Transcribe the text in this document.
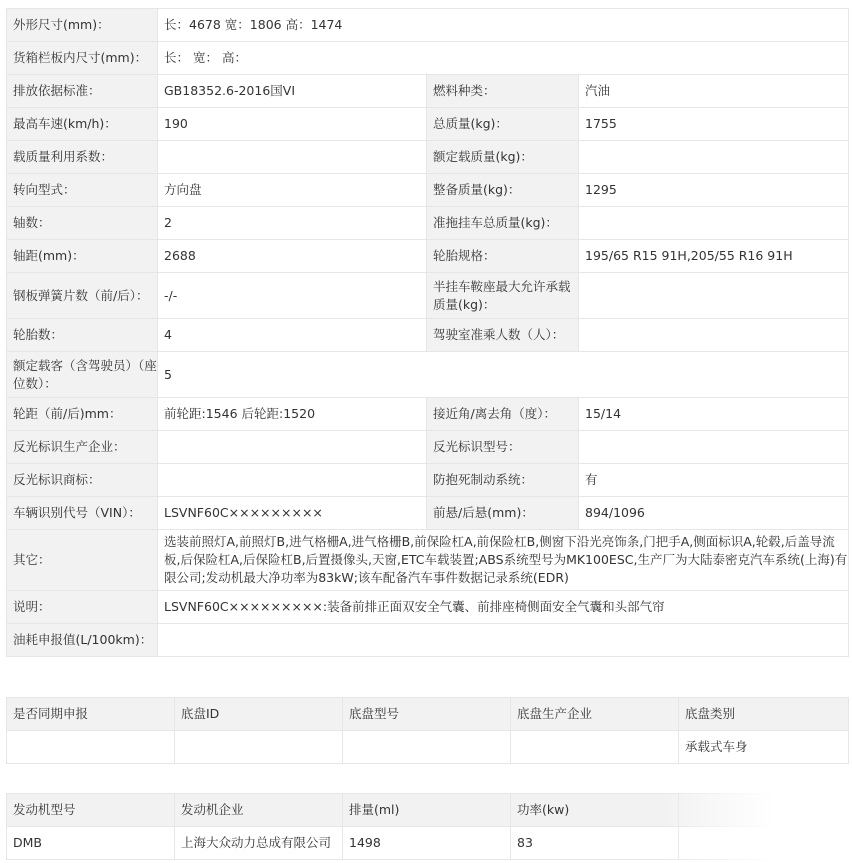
外形尺寸(mm)：	长：4678 宽：1806 高：1474		
货箱栏板内尺寸(mm)：	长： 宽： 高：		
排放依据标准：	GB18352.6-2016国VI	燃料种类：	汽油
最高车速(km/h)：	190	总质量(kg)：	1755
载质量利用系数：		额定载质量(kg)：	
转向型式：	方向盘	整备质量(kg)：	1295
轴数：	2	准拖挂车总质量(kg)：	
轴距(mm)：	2688	轮胎规格：	195/65 R15 91H,205/55 R16 91H
钢板弹簧片数（前/后）：	-/-	半挂车鞍座最大允许承载质量(kg)：	
轮胎数：	4	驾驶室准乘人数（人）：	
额定载客（含驾驶员）（座位数）：	5		
轮距（前/后)mm：	前轮距:1546 后轮距:1520	接近角/离去角（度）：	15/14
反光标识生产企业：		反光标识型号：	
反光标识商标：		防抱死制动系统：	有
车辆识别代号（VIN）：	LSVNF60C×××××××××	前悬/后悬(mm)：	894/1096
其它：	选装前照灯A,前照灯B,进气格栅A,进气格栅B,前保险杠A,前保险杠B,侧窗下沿光亮饰条,门把手A,侧面标识A,轮毂,后盖导流板,后保险杠A,后保险杠B,后置摄像头,天窗,ETC车载装置;ABS系统型号为MK100ESC,生产厂为大陆泰密克汽车系统(上海)有限公司;发动机最大净功率为83kW;该车配备汽车事件数据记录系统(EDR)		
说明：	LSVNF60C×××××××××:装备前排正面双安全气囊、前排座椅侧面安全气囊和头部气帘		
油耗申报值(L/100km)：			
是否同期申报	底盘ID	底盘型号	底盘生产企业	底盘类别
				承载式车身
发动机型号	发动机企业	排量(ml)	功率(kw)	
DMB	上海大众动力总成有限公司	1498	83	
